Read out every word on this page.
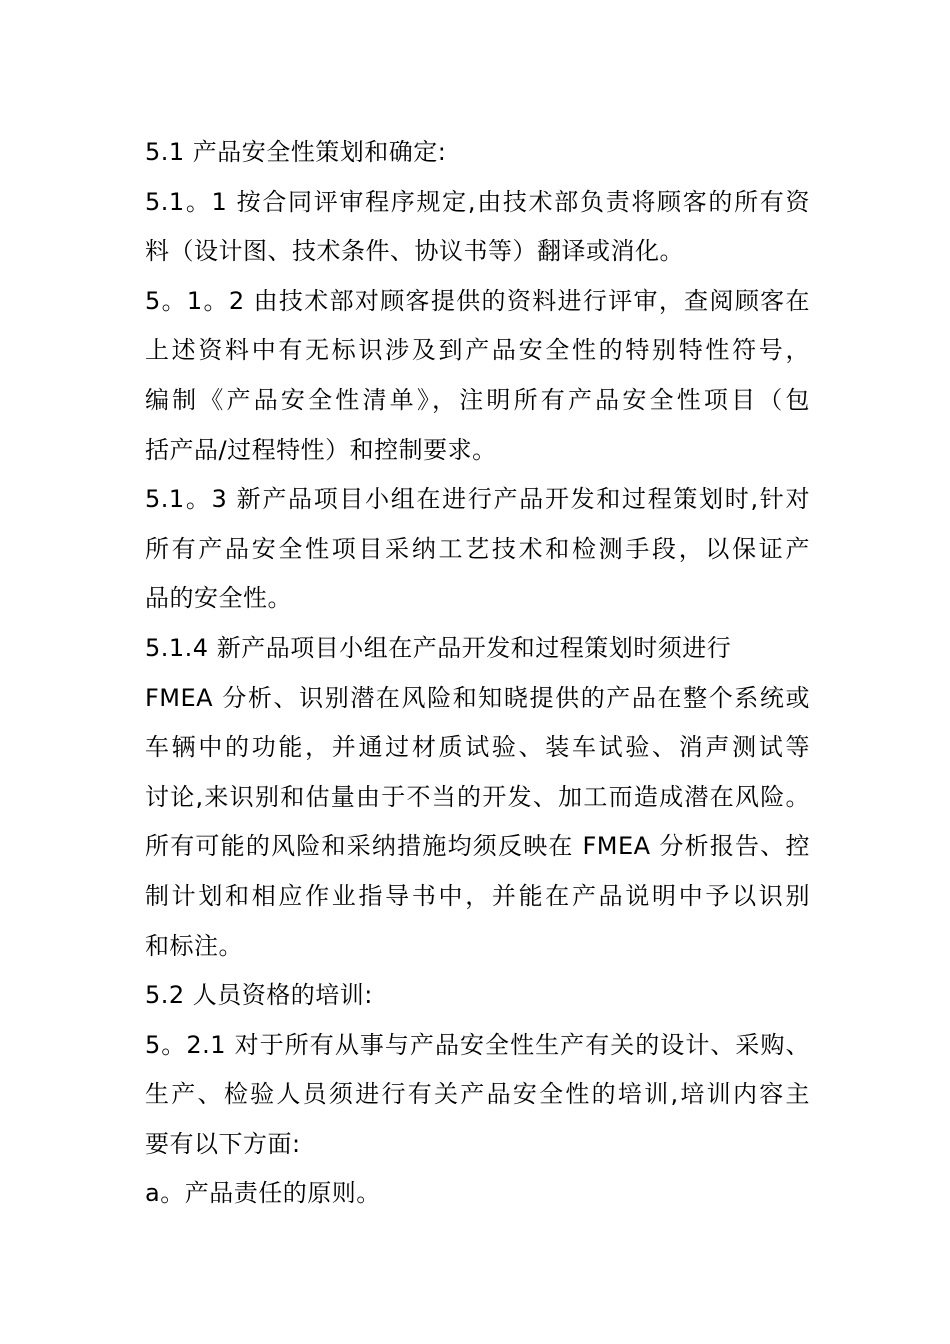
5.1 产品安全性策划和确定:
5.1。1 按合同评审程序规定,由技术部负责将顾客的所有资
料（设计图、技术条件、协议书等）翻译或消化。
5。1。2 由技术部对顾客提供的资料进行评审，查阅顾客在
上述资料中有无标识涉及到产品安全性的特别特性符号，
编制《产品安全性清单》，注明所有产品安全性项目（包
括产品/过程特性）和控制要求。
5.1。3 新产品项目小组在进行产品开发和过程策划时,针对
所有产品安全性项目采纳工艺技术和检测手段，以保证产
品的安全性。
5.1.4 新产品项目小组在产品开发和过程策划时须进行
FMEA 分析、识别潜在风险和知晓提供的产品在整个系统或
车辆中的功能，并通过材质试验、装车试验、消声测试等
讨论,来识别和估量由于不当的开发、加工而造成潜在风险。
所有可能的风险和采纳措施均须反映在 FMEA 分析报告、控
制计划和相应作业指导书中，并能在产品说明中予以识别
和标注。
5.2 人员资格的培训:
5。2.1 对于所有从事与产品安全性生产有关的设计、采购、
生产、检验人员须进行有关产品安全性的培训,培训内容主
要有以下方面:
a。产品责任的原则。
